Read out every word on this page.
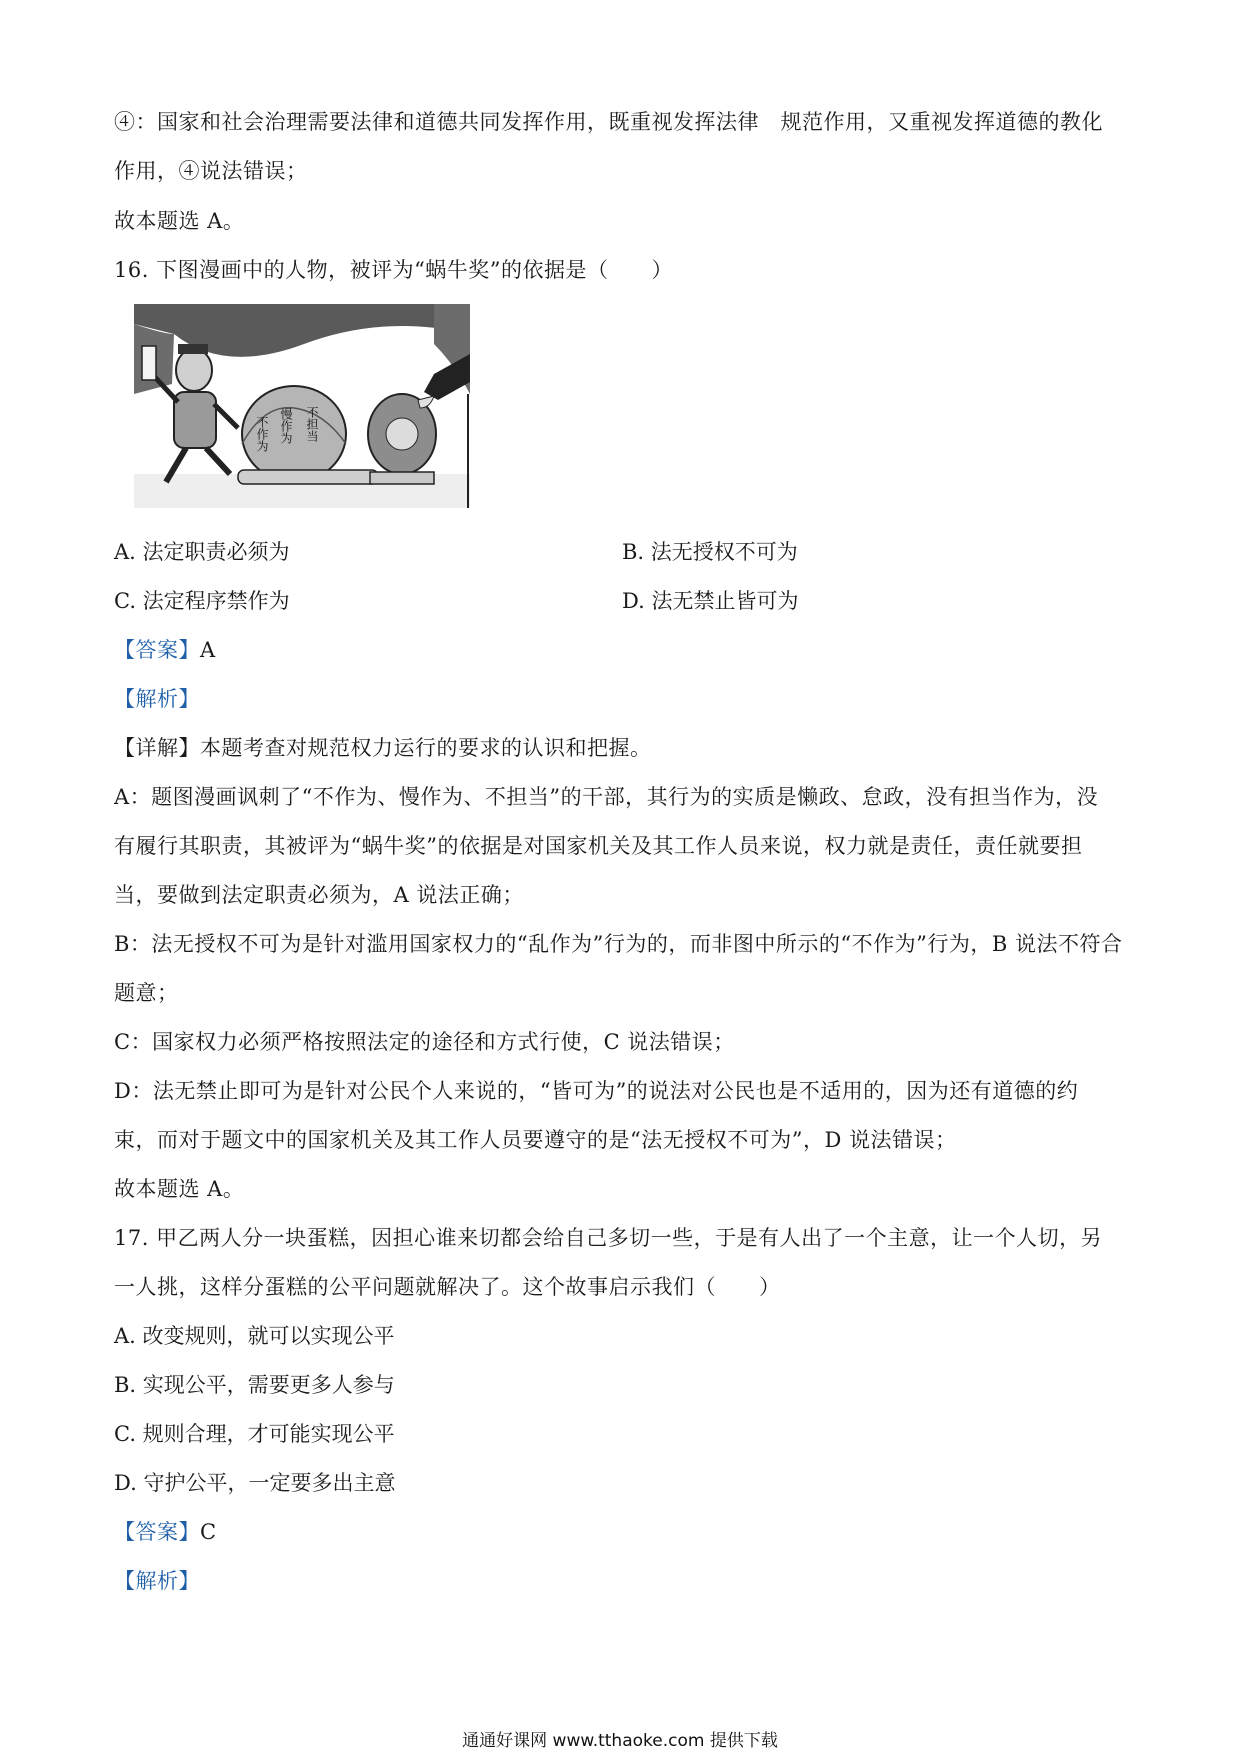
④：国家和社会治理需要法律和道德共同发挥作用，既重视发挥法律　规范作用，又重视发挥道德的教化
作用，④说法错误；
故本题选 A。
16. 下图漫画中的人物，被评为“蜗牛奖”的依据是（　　）
不作为 慢作为 不担当
A. 法定职责必须为	B. 法无授权不可为
C. 法定程序禁作为	D. 法无禁止皆可为
【答案】A
【解析】
【详解】本题考查对规范权力运行的要求的认识和把握。
A：题图漫画讽刺了“不作为、慢作为、不担当”的干部，其行为的实质是懒政、怠政，没有担当作为，没
有履行其职责，其被评为“蜗牛奖”的依据是对国家机关及其工作人员来说，权力就是责任，责任就要担
当，要做到法定职责必须为，A 说法正确；
B：法无授权不可为是针对滥用国家权力的“乱作为”行为的，而非图中所示的“不作为”行为，B 说法不符合
题意；
C：国家权力必须严格按照法定的途径和方式行使，C 说法错误；
D：法无禁止即可为是针对公民个人来说的，“皆可为”的说法对公民也是不适用的，因为还有道德的约
束，而对于题文中的国家机关及其工作人员要遵守的是“法无授权不可为”，D 说法错误；
故本题选 A。
17. 甲乙两人分一块蛋糕，因担心谁来切都会给自己多切一些，于是有人出了一个主意，让一个人切，另
一人挑，这样分蛋糕的公平问题就解决了。这个故事启示我们（　　）
A. 改变规则，就可以实现公平
B. 实现公平，需要更多人参与
C. 规则合理，才可能实现公平
D. 守护公平，一定要多出主意
【答案】C
【解析】
通通好课网 www.tthaoke.com 提供下载
